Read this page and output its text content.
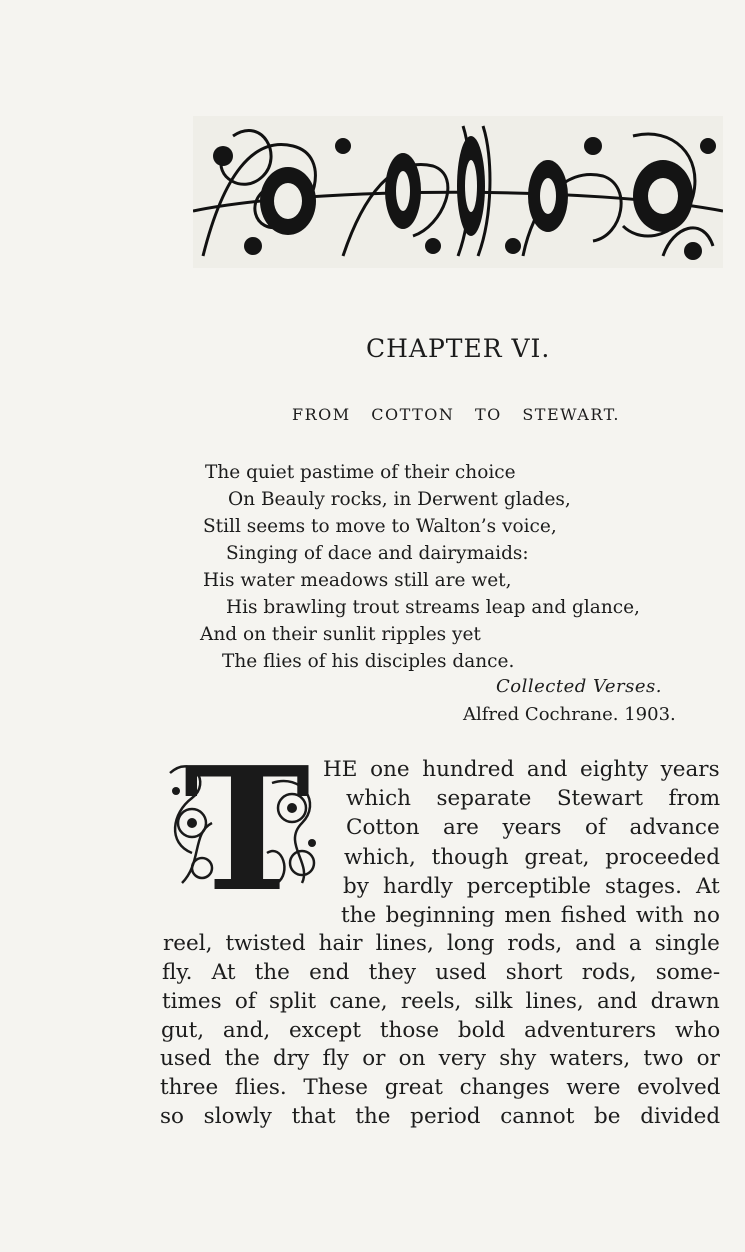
CHAPTER VI.
FROM COTTON TO STEWART.
The quiet pastime of their choice
On Beauly rocks, in Derwent glades,
Still seems to move to Walton’s voice,
Singing of dace and dairymaids:
His water meadows still are wet,
His brawling trout streams leap and glance,
And on their sunlit ripples yet
The flies of his disciples dance.
Collected Verses.
Alfred Cochrane. 1903.
T HE one hundred and eighty years
which separate Stewart from
Cotton are years of advance
which, though great, proceeded
by hardly perceptible stages. At
the beginning men fished with no
reel, twisted hair lines, long rods, and a single
fly. At the end they used short rods, some-
times of split cane, reels, silk lines, and drawn
gut, and, except those bold adventurers who
used the dry fly or on very shy waters, two or
three flies. These great changes were evolved
so slowly that the period cannot be divided
